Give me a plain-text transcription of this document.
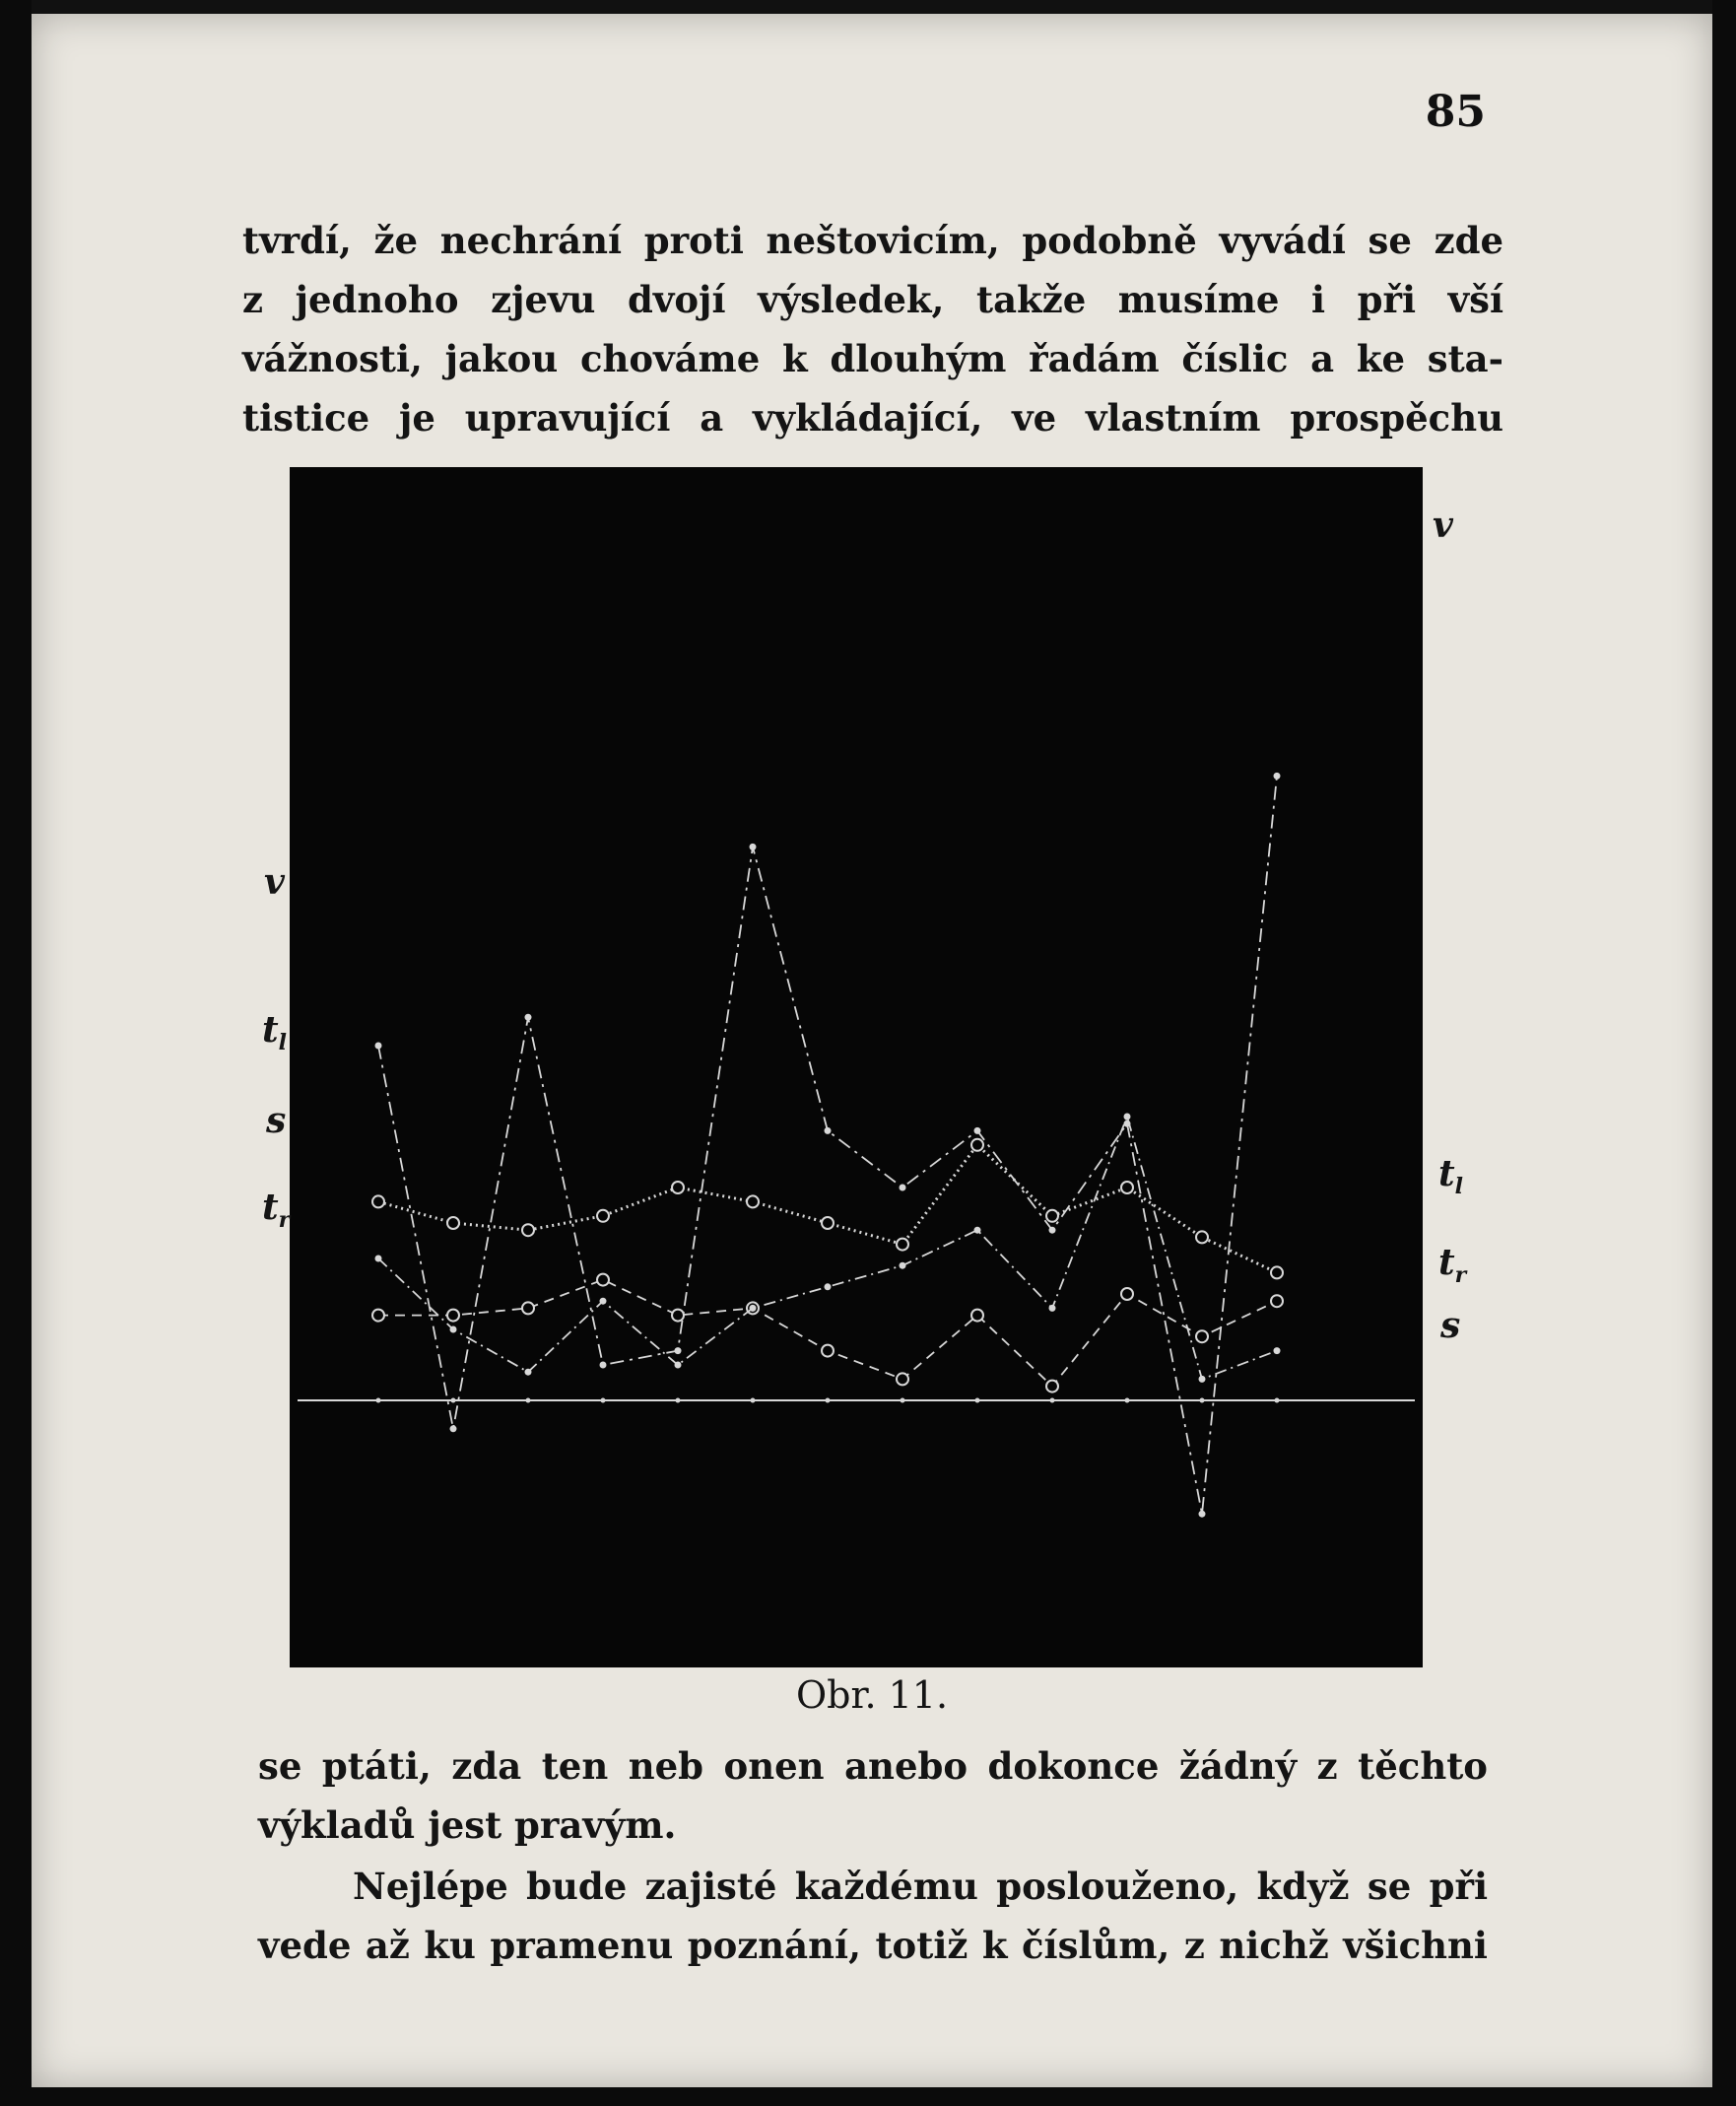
85

tvrdí, že nechrání proti neštovicím, podobně vyvádí se zde
z jednoho zjevu dvojí výsledek, takže musíme i při vší
vážnosti, jakou chováme k dlouhým řadám číslic a ke sta-
tistice je upravující a vykládající, ve vlastním prospěchu

v
$t_l$
s
$t_r$
v
$t_l$
$t_r$
s
Obr. 11.

se ptáti, zda ten neb onen anebo dokonce žádný z těchto
výkladů jest pravým.

Nejlépe bude zajisté každému poslouženo, když se při
vede až ku pramenu poznání, totiž k číslům, z nichž všichni
